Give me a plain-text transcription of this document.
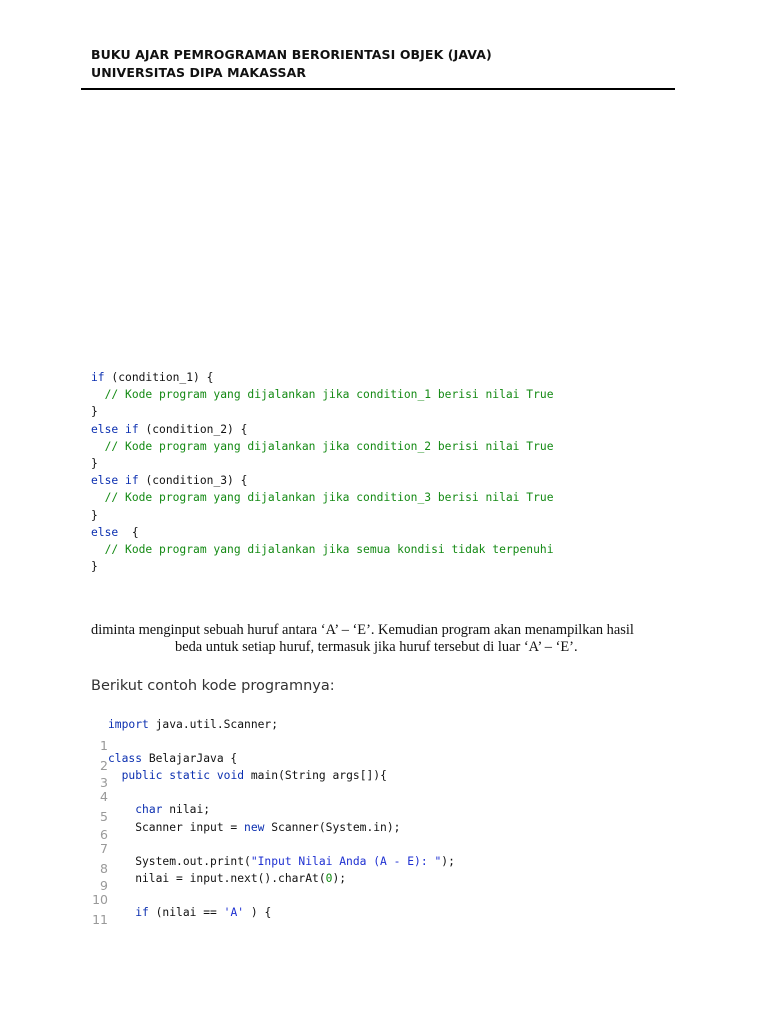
BUKU AJAR PEMROGRAMAN BERORIENTASI OBJEK (JAVA)
UNIVERSITAS DIPA MAKASSAR
if (condition_1) {
// Kode program yang dijalankan jika condition_1 berisi nilai True
}
else if (condition_2) {
// Kode program yang dijalankan jika condition_2 berisi nilai True
}
else if (condition_3) {
// Kode program yang dijalankan jika condition_3 berisi nilai True
}
else  {
// Kode program yang dijalankan jika semua kondisi tidak terpenuhi
}
diminta menginput sebuah huruf antara ‘A’ – ‘E’. Kemudian program akan menampilkan hasil
beda untuk setiap huruf, termasuk jika huruf tersebut di luar ‘A’ – ‘E’.
Berikut contoh kode programnya:
import java.util.Scanner;
1
2 class BelajarJava {
3	public static void main(String args[]){
4
5	char nilai;
6 Scanner input = new Scanner(System.in);
7
8 System.out.print("Input Nilai Anda (A - E): ");
9 nilai = input.next().charAt(0);
10
11	if (nilai == 'A' ) {
